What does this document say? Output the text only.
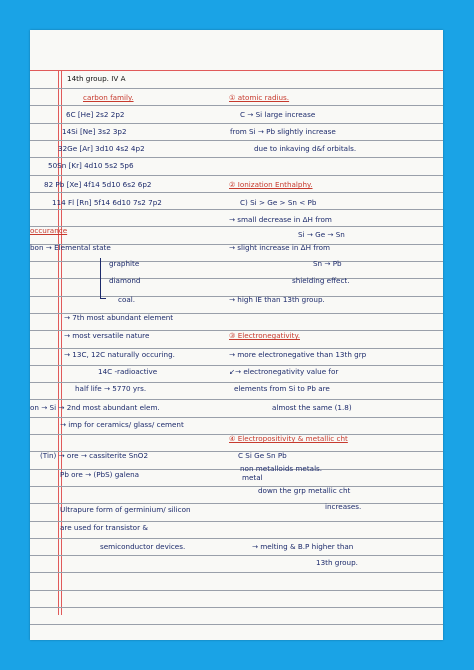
14th group. IV A
carbon family.
6C [He] 2s2 2p2
14Si [Ne] 3s2 3p2
32Ge [Ar] 3d10 4s2 4p2
50Sn [Kr] 4d10 5s2 5p6
82 Pb [Xe] 4f14 5d10 6s2 6p2
114 Fl [Rn] 5f14 6d10 7s2 7p2
occurance
bon → Elemental state
graphite
diamond
coal.
→ 7th most abundant element
→ most versatile nature
→ 13C, 12C naturally occuring.
14C -radioactive
half life → 5770 yrs.
on → Si → 2nd most abundant elem.
→ imp for ceramics/ glass/ cement
(Tin) → ore → cassiterite SnO2
Pb ore → (PbS) galena
Ultrapure form of germinium/ silicon
are used for transistor &
semiconductor devices.
① atomic radius.
C → Si large increase
from Si → Pb slightly increase
due to inkaving d&f orbitals.
② Ionization Enthalphy.
C) Si > Ge > Sn < Pb
→ small decrease in ΔH from
Si → Ge → Sn
→ slight increase in ΔH from
Sn → Pb
shielding effect.
→ high IE than 13th group.
③ Electronegativity.
→ more electronegative than 13th grp
↙→ electronegativity value for
elements from Si to Pb are
almost the same (1.8)
④ Electropositivity & metallic cht
C Si Ge Sn Pb
non metalloids metals.
metal
down the grp metallic cht
increases.
→ melting & B.P higher than
13th group.
